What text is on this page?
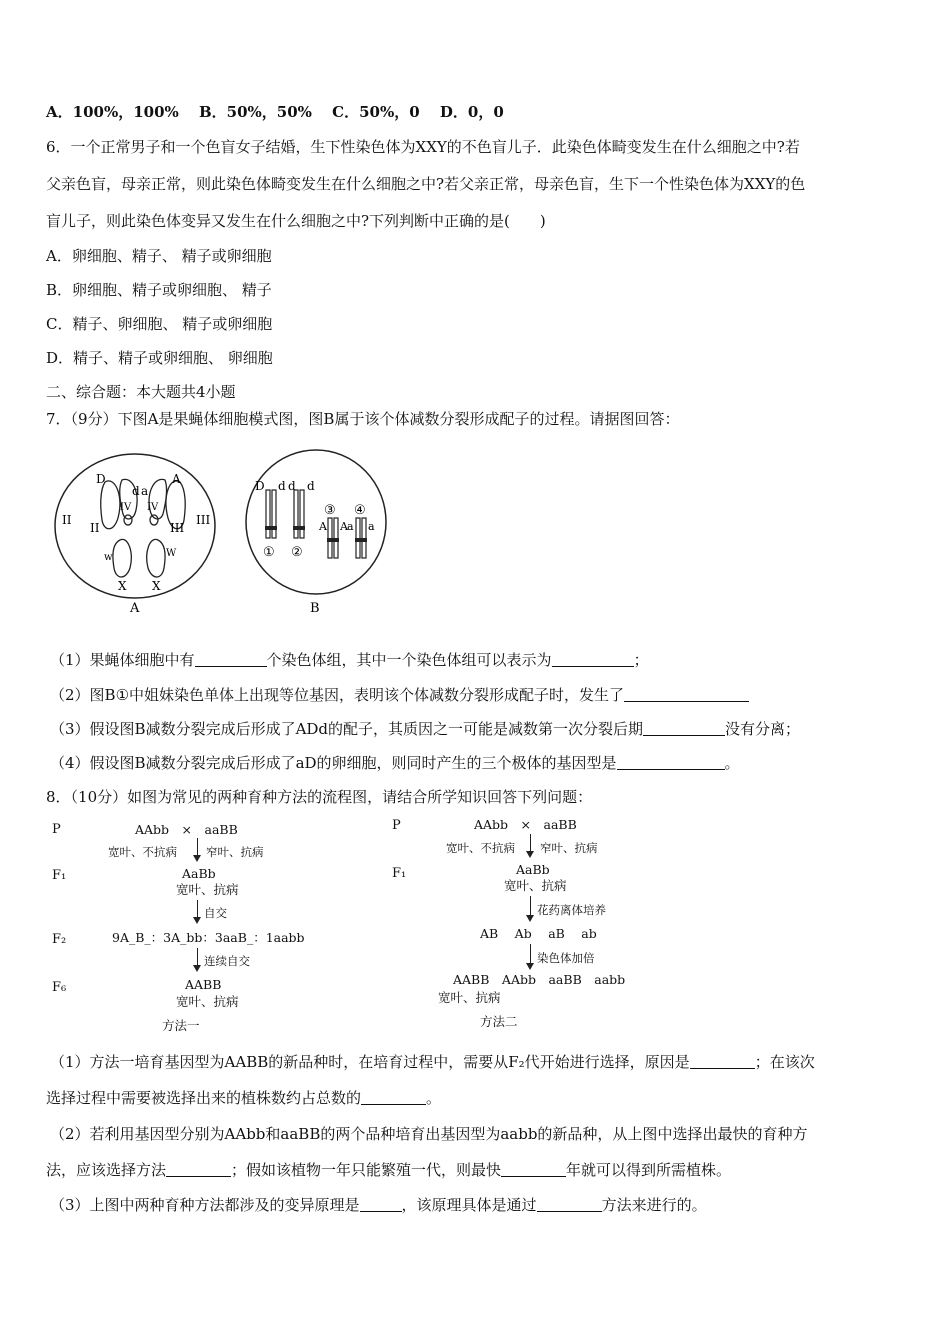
A．100%，100%　 B．50%，50%　 C．50%，0　 D．0，0
6．一个正常男子和一个色盲女子结婚，生下性染色体为XXY的不色盲儿子．此染色体畸变发生在什么细胞之中?若
父亲色盲，母亲正常，则此染色体畸变发生在什么细胞之中?若父亲正常，母亲色盲，生下一个性染色体为XXY的色
盲儿子，则此染色体变异又发生在什么细胞之中?下列判断中正确的是(　　)
A．卵细胞、精子、 精子或卵细胞
B．卵细胞、精子或卵细胞、 精子
C．精子、卵细胞、 精子或卵细胞
D．精子、精子或卵细胞、 卵细胞
二、综合题：本大题共4小题
7．（9分）下图A是果蝇体细胞模式图，图B属于该个体减数分裂形成配子的过程。请据图回答：
D	A
d a
II
II	III
III
IV IV
w	W
X X
A
D d d d
③ ④
A A a a
① ②
B
（1）果蝇体细胞中有	个染色体组，其中一个染色体组可以表示为	；
（2）图B①中姐妹染色单体上出现等位基因，表明该个体减数分裂形成配子时，发生了
（3）假设图B减数分裂完成后形成了ADd的配子，其质因之一可能是减数第一次分裂后期	没有分离；
（4）假设图B减数分裂完成后形成了aD的卵细胞，则同时产生的三个极体的基因型是	。
8．（10分）如图为常见的两种育种方法的流程图，请结合所学知识回答下列问题：
P	AAbb　×　aaBB
宽叶、不抗病	窄叶、抗病
F₁	AaBb
宽叶、抗病
自交
F₂	9A_B_：3A_bb：3aaB_：1aabb
连续自交
F₆	AABB
宽叶、抗病
方法一
P	AAbb　×　aaBB
宽叶、不抗病 窄叶、抗病
F₁	AaBb
宽叶、抗病
花药离体培养
AB　 Ab　 aB　 ab
染色体加倍
AABB　AAbb　aaBB　aabb
宽叶、抗病
方法二
（1）方法一培育基因型为AABB的新品种时，在培育过程中，需要从F₂代开始进行选择，原因是	；在该次
选择过程中需要被选择出来的植株数约占总数的	。
（2）若利用基因型分别为AAbb和aaBB的两个品种培育出基因型为aabb的新品种，从上图中选择出最快的育种方
法，应该选择方法	；假如该植物一年只能繁殖一代，则最快	年就可以得到所需植株。
（3）上图中两种育种方法都涉及的变异原理是	，该原理具体是通过	方法来进行的。
